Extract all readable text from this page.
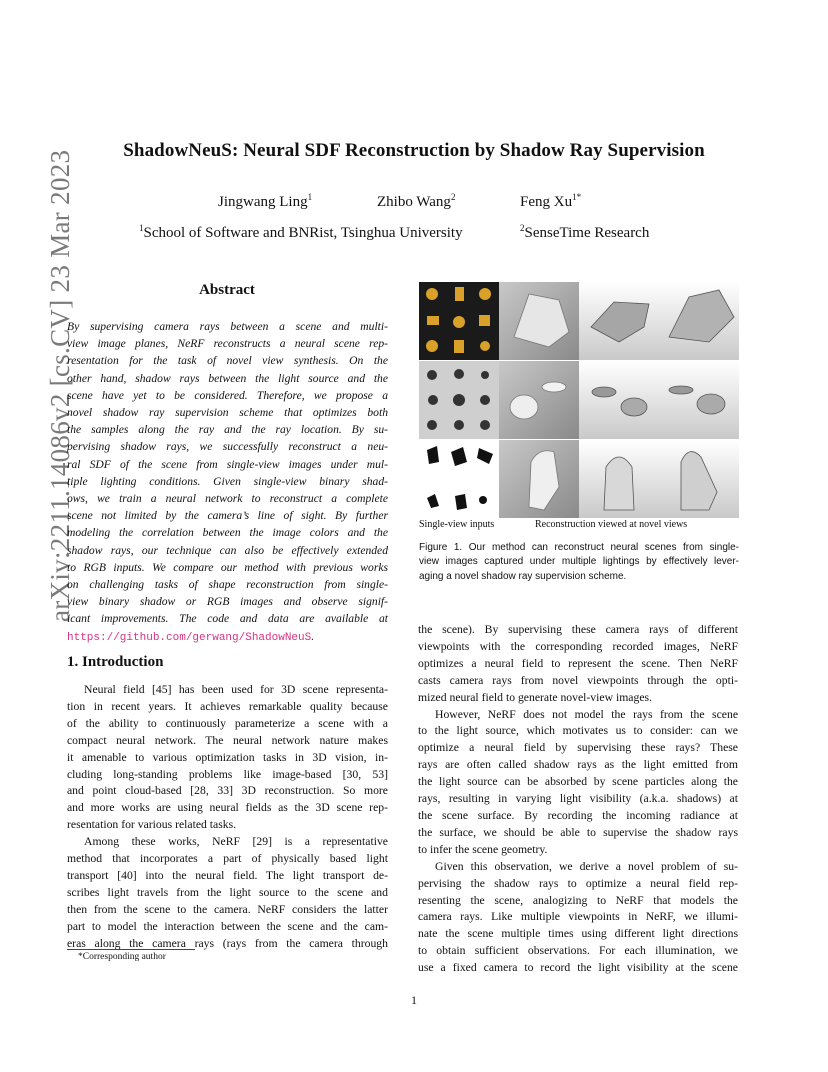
ShadowNeuS: Neural SDF Reconstruction by Shadow Ray Supervision
Jingwang Ling$^1$	Zhibo Wang$^2$	Feng $Xu^{1*}$
$^1$School of Software and BNRist, Tsinghua University	$^2$SenseTime Research
arXiv:2211.14086v2 [cs.CV] 23 Mar 2023	Abstract
By supervising camera rays between a scene and multi-
view image planes, NeRF reconstructs a neural scene rep-
resentation for the task of novel view synthesis. On the
other hand, shadow rays between the light source and the
scene have yet to be considered. Therefore, we propose a
novel shadow ray supervision scheme that optimizes both
the samples along the ray and the ray location. By su-
pervising shadow rays, we successfully reconstruct a neu-
ral SDF of the scene from single-view images under mul-
tiple lighting conditions. Given single-view binary shad-
ows, we train a neural network to reconstruct a complete
scene not limited by the camera’s line of sight. By further
modeling the correlation between the image colors and the
shadow rays, our technique can also be effectively extended
to RGB inputs. We compare our method with previous works
on challenging tasks of shape reconstruction from single-
view binary shadow or RGB images and observe signif-
icant improvements. The code and data are available at
https://github.com/gerwang/ShadowNeuS.
1. Introduction
Neural field [45] has been used for 3D scene representa-
tion in recent years. It achieves remarkable quality because
of the ability to continuously parameterize a scene with a
compact neural network. The neural network nature makes
it amenable to various optimization tasks in 3D vision, in-
cluding long-standing problems like image-based [30, 53]
and point cloud-based [28, 33] 3D reconstruction. So more
and more works are using neural fields as the 3D scene rep-
resentation for various related tasks.
Among these works, NeRF [29] is a representative
method that incorporates a part of physically based light
transport [40] into the neural field. The light transport de-
scribes light travels from the light source to the scene and
then from the scene to the camera. NeRF considers the latter
part to model the interaction between the scene and the cam-
eras along the camera rays (rays from the camera through
the scene). By supervising these camera rays of different
viewpoints with the corresponding recorded images, NeRF
optimizes a neural field to represent the scene. Then NeRF
casts camera rays from novel viewpoints through the opti-
mized neural field to generate novel-view images.
However, NeRF does not model the rays from the scene
to the light source, which motivates us to consider: can we
optimize a neural field by supervising these rays? These
rays are often called shadow rays as the light emitted from
the light source can be absorbed by scene particles along the
rays, resulting in varying light visibility (a.k.a. shadows) at
the scene surface. By recording the incoming radiance at
the surface, we should be able to supervise the shadow rays
to infer the scene geometry.
Given this observation, we derive a novel problem of su-
pervising the shadow rays to optimize a neural field rep-
resenting the scene, analogizing to NeRF that models the
camera rays. Like multiple viewpoints in NeRF, we illumi-
nate the scene multiple times using different light directions
to obtain sufficient observations. For each illumination, we
use a fixed camera to record the light visibility at the scene
*Corresponding author
1
Single-view inputs	Reconstruction viewed at novel views
Figure 1. Our method can reconstruct neural scenes from single-
view images captured under multiple lightings by effectively lever-
aging a novel shadow ray supervision scheme.
